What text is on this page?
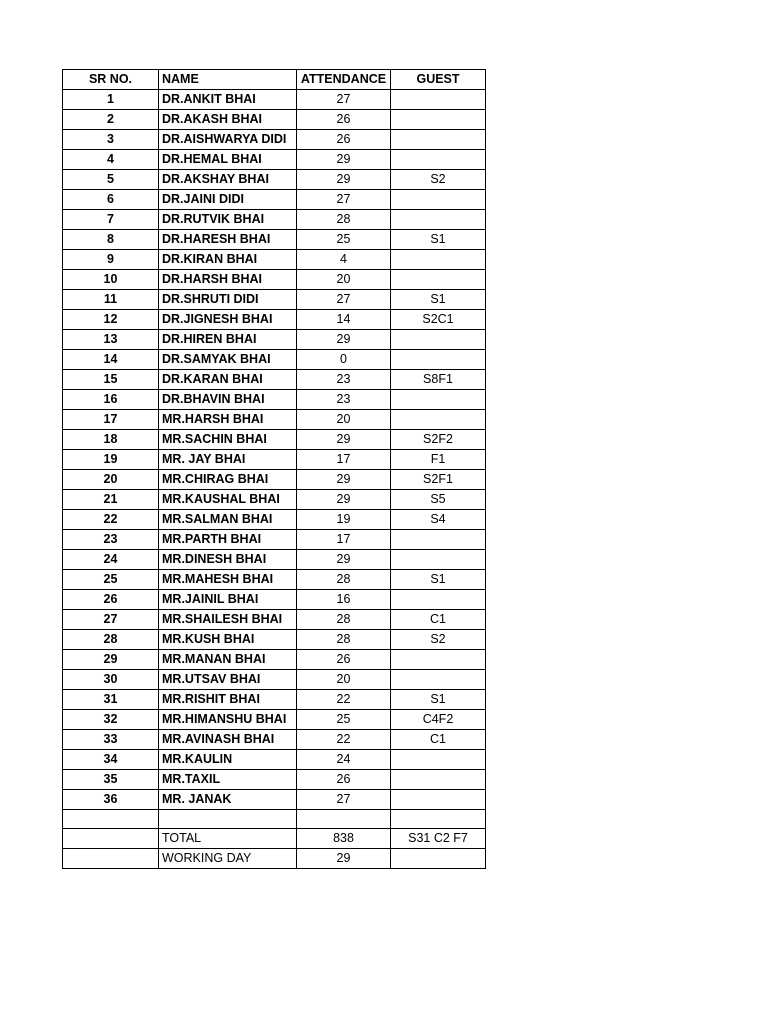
SR NO.	NAME	ATTENDANCE	GUEST
1	DR.ANKIT BHAI	27	
2	DR.AKASH BHAI	26	
3	DR.AISHWARYA DIDI	26	
4	DR.HEMAL BHAI	29	
5	DR.AKSHAY BHAI	29	S2
6	DR.JAINI DIDI	27	
7	DR.RUTVIK BHAI	28	
8	DR.HARESH BHAI	25	S1
9	DR.KIRAN BHAI	4	
10	DR.HARSH BHAI	20	
11	DR.SHRUTI DIDI	27	S1
12	DR.JIGNESH BHAI	14	S2C1
13	DR.HIREN BHAI	29	
14	DR.SAMYAK BHAI	0	
15	DR.KARAN BHAI	23	S8F1
16	DR.BHAVIN BHAI	23	
17	MR.HARSH BHAI	20	
18	MR.SACHIN BHAI	29	S2F2
19	MR. JAY BHAI	17	F1
20	MR.CHIRAG BHAI	29	S2F1
21	MR.KAUSHAL BHAI	29	S5
22	MR.SALMAN BHAI	19	S4
23	MR.PARTH BHAI	17	
24	MR.DINESH BHAI	29	
25	MR.MAHESH BHAI	28	S1
26	MR.JAINIL BHAI	16	
27	MR.SHAILESH BHAI	28	C1
28	MR.KUSH BHAI	28	S2
29	MR.MANAN BHAI	26	
30	MR.UTSAV BHAI	20	
31	MR.RISHIT BHAI	22	S1
32	MR.HIMANSHU BHAI	25	C4F2
33	MR.AVINASH BHAI	22	C1
34	MR.KAULIN	24	
35	MR.TAXIL	26	
36	MR. JANAK	27	

	TOTAL	838	S31 C2 F7
	WORKING DAY	29	
